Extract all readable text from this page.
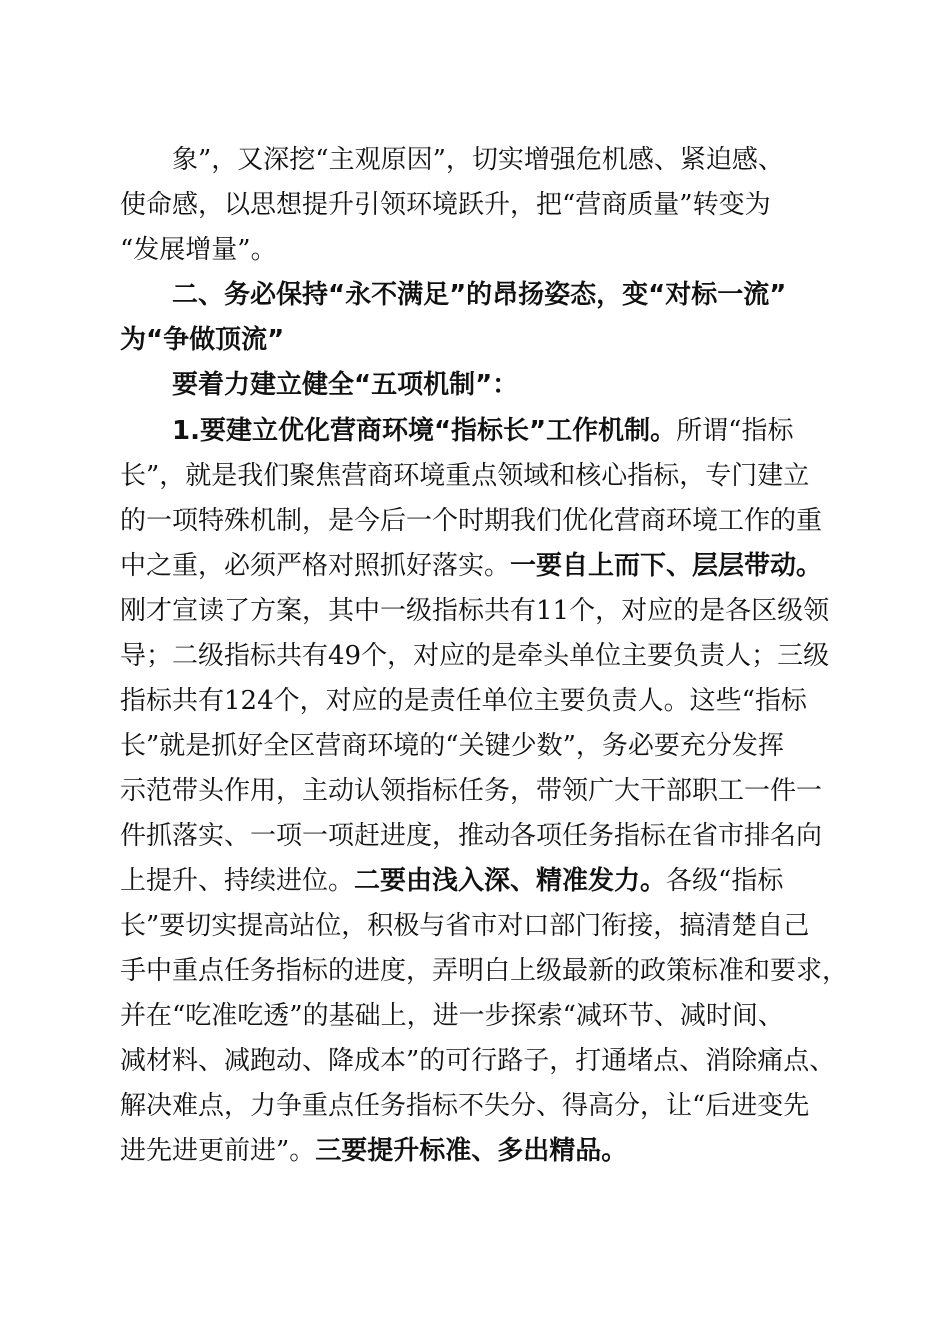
象”，又深挖“主观原因”，切实增强危机感、紧迫感、

使命感，以思想提升引领环境跃升，把“营商质量”转变为

“发展增量”。

二、务必保持“永不满足”的昂扬姿态，变“对标一流”

为“争做顶流”

要着力建立健全“五项机制”：

1.要建立优化营商环境“指标长”工作机制。所谓“指标

长”，就是我们聚焦营商环境重点领域和核心指标，专门建立

的一项特殊机制，是今后一个时期我们优化营商环境工作的重

中之重，必须严格对照抓好落实。一要自上而下、层层带动。

刚才宣读了方案，其中一级指标共有11个，对应的是各区级领

导；二级指标共有49个，对应的是牵头单位主要负责人；三级

指标共有124个，对应的是责任单位主要负责人。这些“指标

长”就是抓好全区营商环境的“关键少数”，务必要充分发挥

示范带头作用，主动认领指标任务，带领广大干部职工一件一

件抓落实、一项一项赶进度，推动各项任务指标在省市排名向

上提升、持续进位。二要由浅入深、精准发力。各级“指标

长”要切实提高站位，积极与省市对口部门衔接，搞清楚自己

手中重点任务指标的进度，弄明白上级最新的政策标准和要求，

并在“吃准吃透”的基础上，进一步探索“减环节、减时间、

减材料、减跑动、降成本”的可行路子，打通堵点、消除痛点、

解决难点，力争重点任务指标不失分、得高分，让“后进变先

进先进更前进”。三要提升标准、多出精品。
